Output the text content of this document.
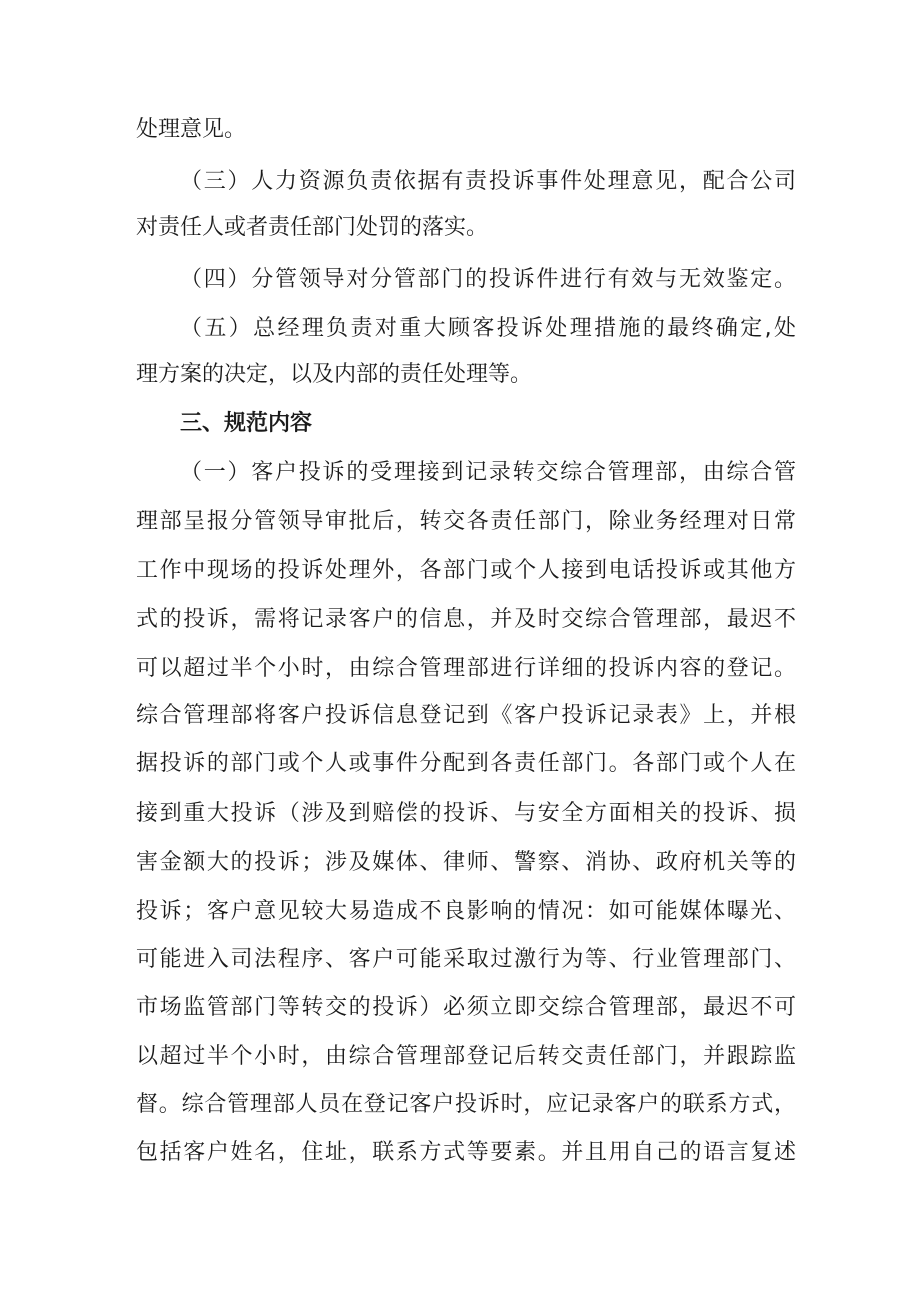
处理意见。
（三）人力资源负责依据有责投诉事件处理意见，配合公司
对责任人或者责任部门处罚的落实。
（四）分管领导对分管部门的投诉件进行有效与无效鉴定。
（五）总经理负责对重大顾客投诉处理措施的最终确定,处
理方案的决定，以及内部的责任处理等。
三、规范内容
（一）客户投诉的受理接到记录转交综合管理部，由综合管
理部呈报分管领导审批后，转交各责任部门，除业务经理对日常
工作中现场的投诉处理外，各部门或个人接到电话投诉或其他方
式的投诉，需将记录客户的信息，并及时交综合管理部，最迟不
可以超过半个小时，由综合管理部进行详细的投诉内容的登记。
综合管理部将客户投诉信息登记到《客户投诉记录表》上，并根
据投诉的部门或个人或事件分配到各责任部门。各部门或个人在
接到重大投诉（涉及到赔偿的投诉、与安全方面相关的投诉、损
害金额大的投诉；涉及媒体、律师、警察、消协、政府机关等的
投诉；客户意见较大易造成不良影响的情况：如可能媒体曝光、
可能进入司法程序、客户可能采取过激行为等、行业管理部门、
市场监管部门等转交的投诉）必须立即交综合管理部，最迟不可
以超过半个小时，由综合管理部登记后转交责任部门，并跟踪监
督。综合管理部人员在登记客户投诉时，应记录客户的联系方式，
包括客户姓名，住址，联系方式等要素。并且用自己的语言复述
